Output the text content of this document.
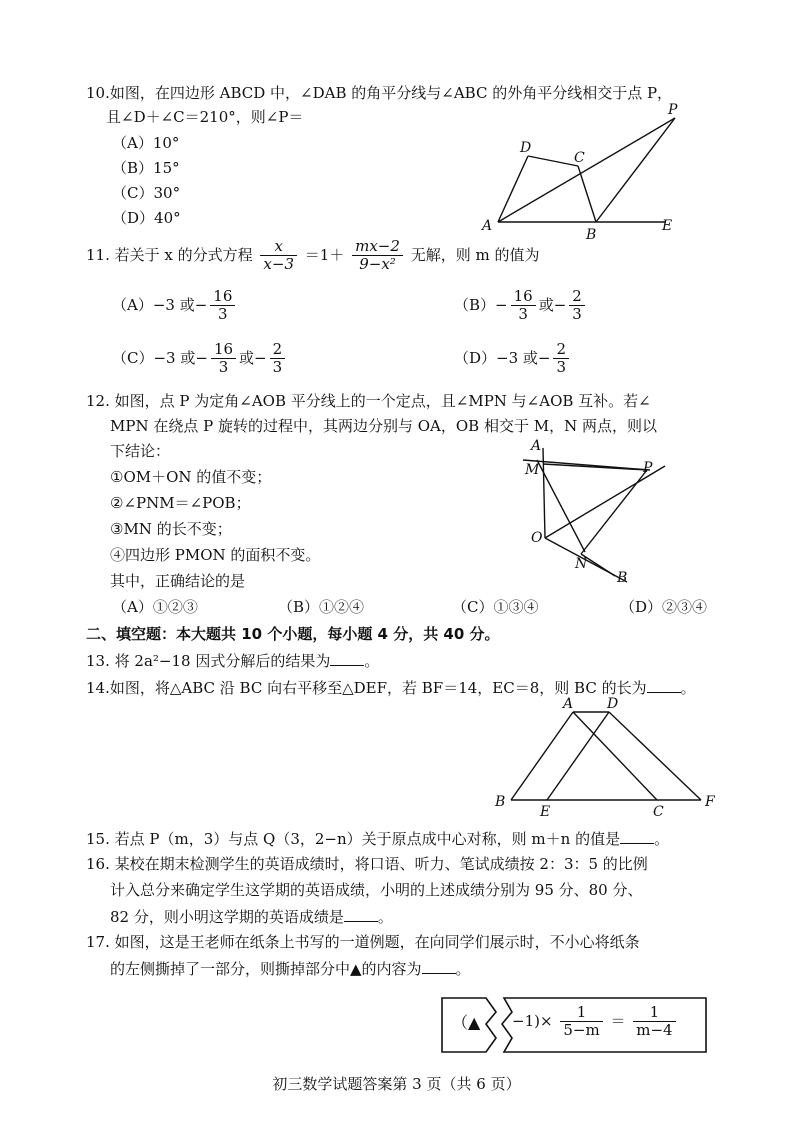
10.如图，在四边形 ABCD 中，∠DAB 的角平分线与∠ABC 的外角平分线相交于点 P，
且∠D＋∠C＝210°，则∠P＝
（A）10°
（B）15°
（C）30°
（D）40°	A
B
C
D
E
P
11. 若关于 x 的分式方程 $\frac{x}{x-3} =1+ \frac{mx-2}{\text{9−x²}}$ 无解，则 m 的值为
（A）−3 或− $\frac{16}{3}$	$(B)- \frac{16}{3}$ 或− $\frac{2}{3}$
（C）−3 或− $\frac{16}{3}$ 或− $\frac{2}{3}$	（D）−3 或− $\frac{2}{3}$
12. 如图，点 P 为定角∠AOB 平分线上的一个定点，且∠MPN 与∠AOB 互补。若∠
MPN 在绕点 P 旋转的过程中，其两边分别与 OA，OB 相交于 M，N 两点，则以
下结论：
①OM＋ON 的值不变；
②∠PNM＝∠POB；
③MN 的长不变；
④四边形 PMON 的面积不变。
其中，正确结论的是
（A）①②③	（B）①②④	（C）①③④	（D）②③④
A
M	P
O
N
B
二、填空题：本大题共 10 个小题，每小题 4 分，共 40 分。
13. 将 2a²−18 因式分解后的结果为 。
14.如图，将△ABC 沿 BC 向右平移至△DEF，若 BF＝14，EC＝8，则 BC 的长为 。
A D
B
E	C
F
15. 若点 P（m，3）与点 Q（3，2−n）关于原点成中心对称，则 m＋n 的值是 。
16. 某校在期末检测学生的英语成绩时，将口语、听力、笔试成绩按 2：3：5 的比例
计入总分来确定学生这学期的英语成绩，小明的上述成绩分别为 95 分、80 分、
82 分，则小明这学期的英语成绩是 。
17. 如图，这是王老师在纸条上书写的一道例题，在向同学们展示时，不小心将纸条
的左侧撕掉了一部分，则撕掉部分中▲的内容为 。
（▲ $-1)\times \frac{1}{5-m} = \frac{1}{m-4}$
初三数学试题答案第 3 页（共 6 页）
